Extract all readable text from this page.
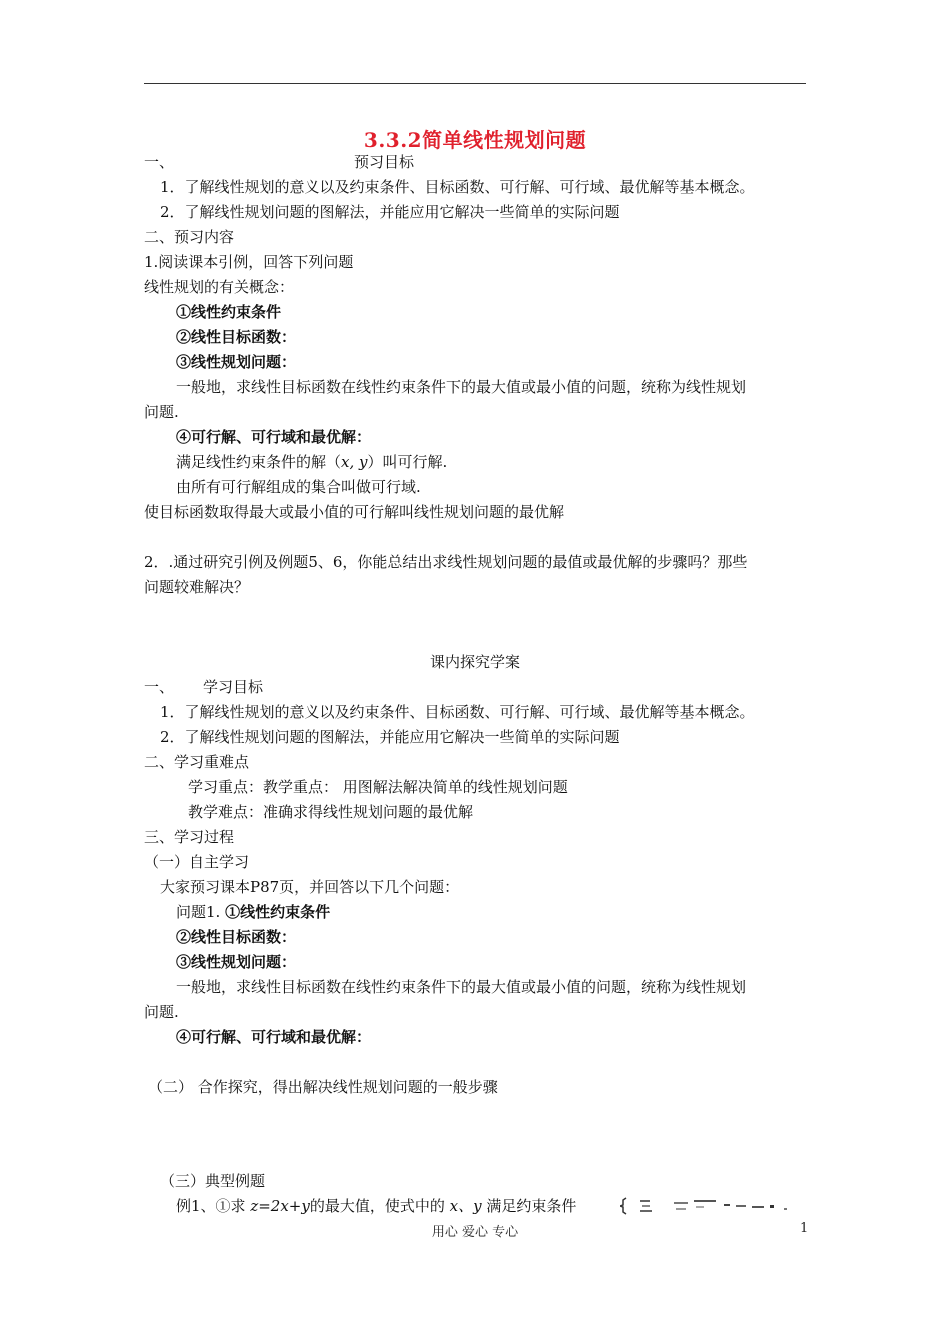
3.3.2简单线性规划问题
一、	预习目标
1．了解线性规划的意义以及约束条件、目标函数、可行解、可行域、最优解等基本概念。
2．了解线性规划问题的图解法，并能应用它解决一些简单的实际问题
二、预习内容
1.阅读课本引例，回答下列问题
线性规划的有关概念：
①线性约束条件
②线性目标函数：
③线性规划问题：
一般地，求线性目标函数在线性约束条件下的最大值或最小值的问题，统称为线性规划
问题.
④可行解、可行域和最优解：
满足线性约束条件的解（x, y）叫可行解.
由所有可行解组成的集合叫做可行域.
使目标函数取得最大或最小值的可行解叫线性规划问题的最优解
2．.通过研究引例及例题5、6，你能总结出求线性规划问题的最值或最优解的步骤吗？那些
问题较难解决？
课内探究学案
一、 学习目标
1．了解线性规划的意义以及约束条件、目标函数、可行解、可行域、最优解等基本概念。
2．了解线性规划问题的图解法，并能应用它解决一些简单的实际问题
二、学习重难点
学习重点：教学重点： 用图解法解决简单的线性规划问题
教学难点：准确求得线性规划问题的最优解
三、学习过程
（一）自主学习
大家预习课本P87页，并回答以下几个问题：
问题1. ①线性约束条件
②线性目标函数：
③线性规划问题：
一般地，求线性目标函数在线性约束条件下的最大值或最小值的问题，统称为线性规划
问题.
④可行解、可行域和最优解：
（二） 合作探究，得出解决线性规划问题的一般步骤
（三）典型例题
例1、①求 z=2x+y的最大值，使式中的 x、y 满足约束条件
用心 爱心 专心	1
